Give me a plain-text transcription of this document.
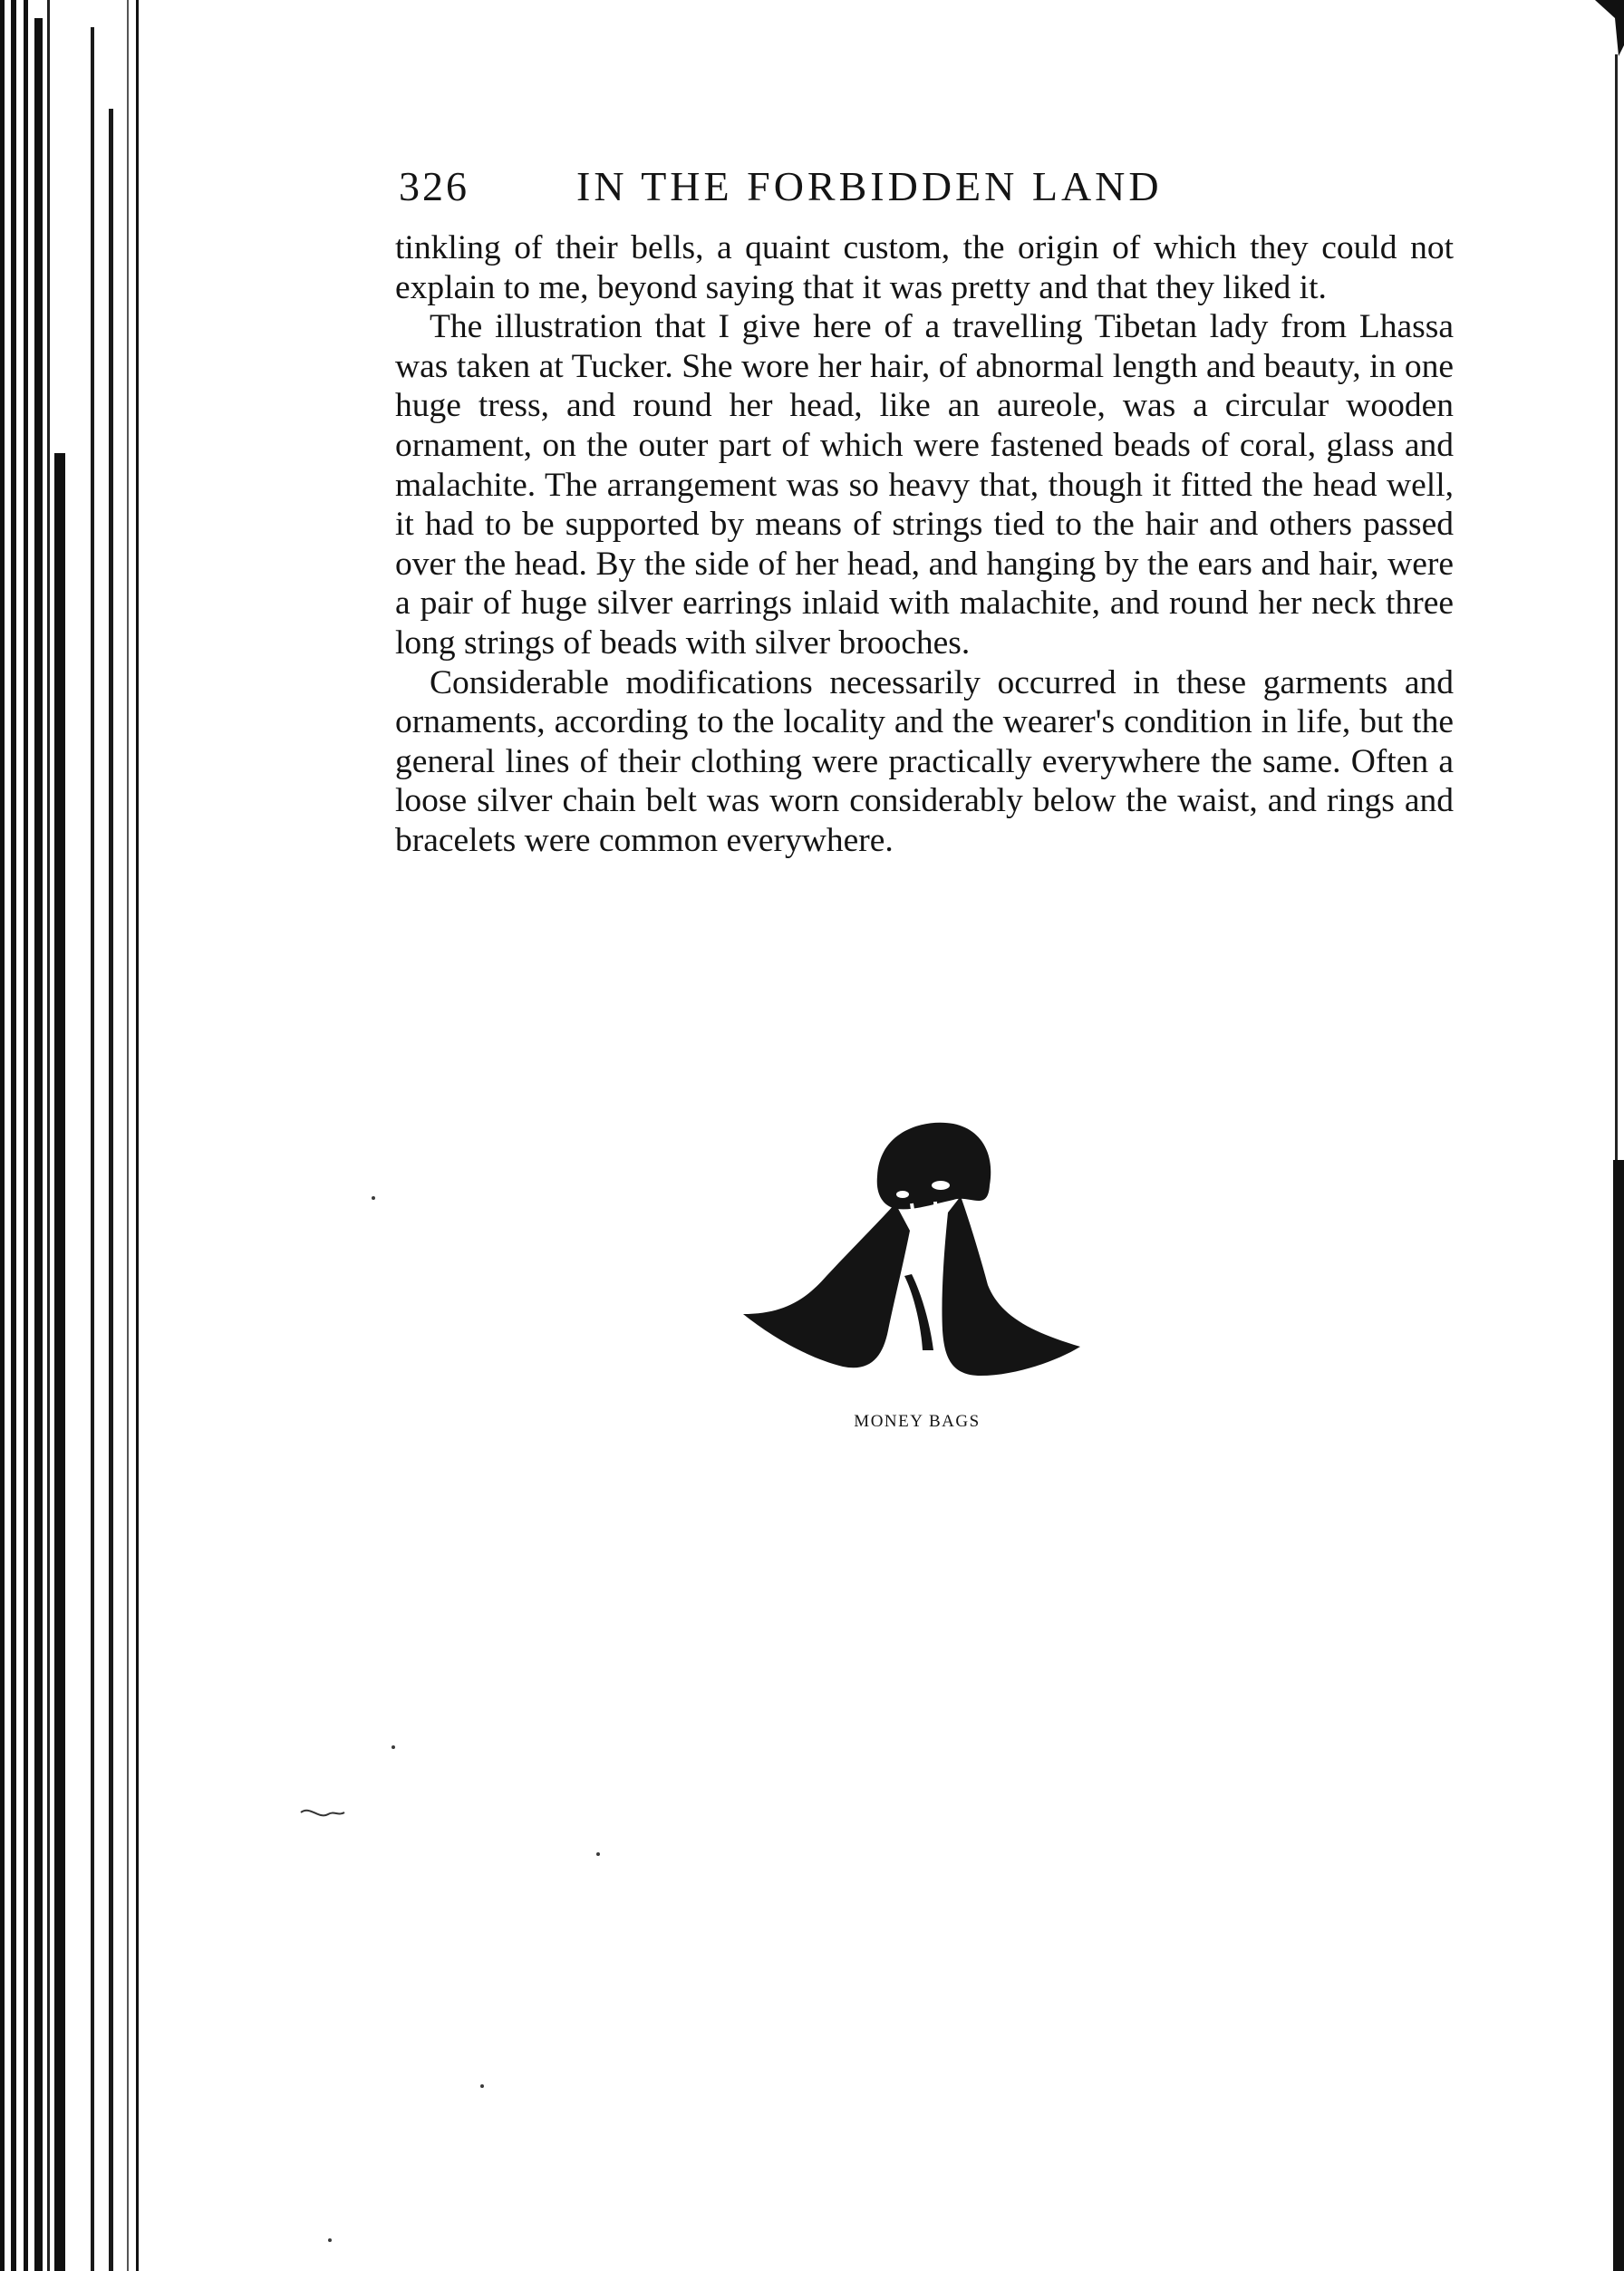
326	IN THE FORBIDDEN LAND

tinkling of their bells, a quaint custom, the origin of which they could not explain to me, beyond saying that it was pretty and that they liked it.

The illustration that I give here of a travelling Tibetan lady from Lhassa was taken at Tucker. She wore her hair, of abnormal length and beauty, in one huge tress, and round her head, like an aureole, was a circular wooden ornament, on the outer part of which were fastened beads of coral, glass and malachite. The arrangement was so heavy that, though it fitted the head well, it had to be supported by means of strings tied to the hair and others passed over the head. By the side of her head, and hanging by the ears and hair, were a pair of huge silver earrings inlaid with malachite, and round her neck three long strings of beads with silver brooches.

Considerable modifications necessarily occurred in these garments and ornaments, according to the locality and the wearer's condition in life, but the general lines of their clothing were practically everywhere the same. Often a loose silver chain belt was worn considerably below the waist, and rings and bracelets were common everywhere.

MONEY BAGS
